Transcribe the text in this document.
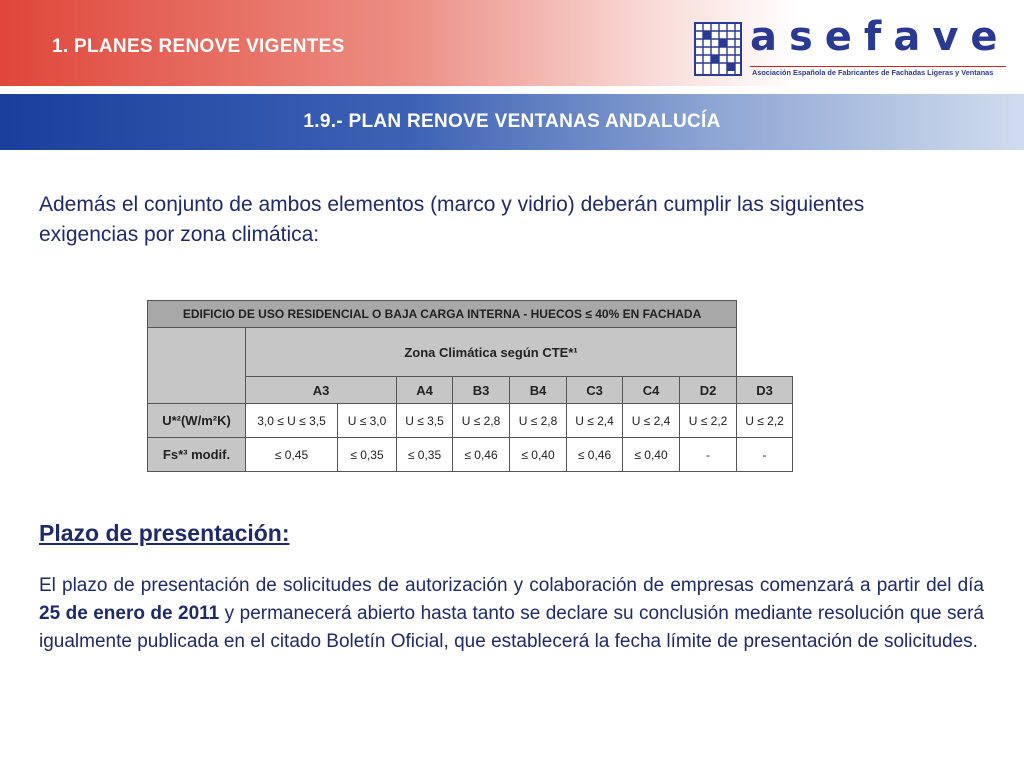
1. PLANES RENOVE VIGENTES	asefave
Asociación Española de Fabricantes de Fachadas Ligeras y Ventanas
1.9.- PLAN RENOVE VENTANAS ANDALUCÍA
Además el conjunto de ambos elementos (marco y vidrio) deberán cumplir las siguientes exigencias por zona climática:
EDIFICIO DE USO RESIDENCIAL O BAJA CARGA INTERNA - HUECOS ≤ 40% EN FACHADA									
	Zona Climática según CTE*¹								
	A3		A4	B3	B4	C3	C4	D2	D3
U*²(W/m²K)	3,0 ≤ U ≤ 3,5	U ≤ 3,0	U ≤ 3,5	U ≤ 2,8	U ≤ 2,8	U ≤ 2,4	U ≤ 2,4	U ≤ 2,2	U ≤ 2,2
Fs*³ modif.	≤ 0,45	≤ 0,35	≤ 0,35	≤ 0,46	≤ 0,40	≤ 0,46	≤ 0,40	-	-
Plazo de presentación:
El plazo de presentación de solicitudes de autorización y colaboración de empresas comenzará a partir del día 25 de enero de 2011 y permanecerá abierto hasta tanto se declare su conclusión mediante resolución que será igualmente publicada en el citado Boletín Oficial, que establecerá la fecha límite de presentación de solicitudes.
